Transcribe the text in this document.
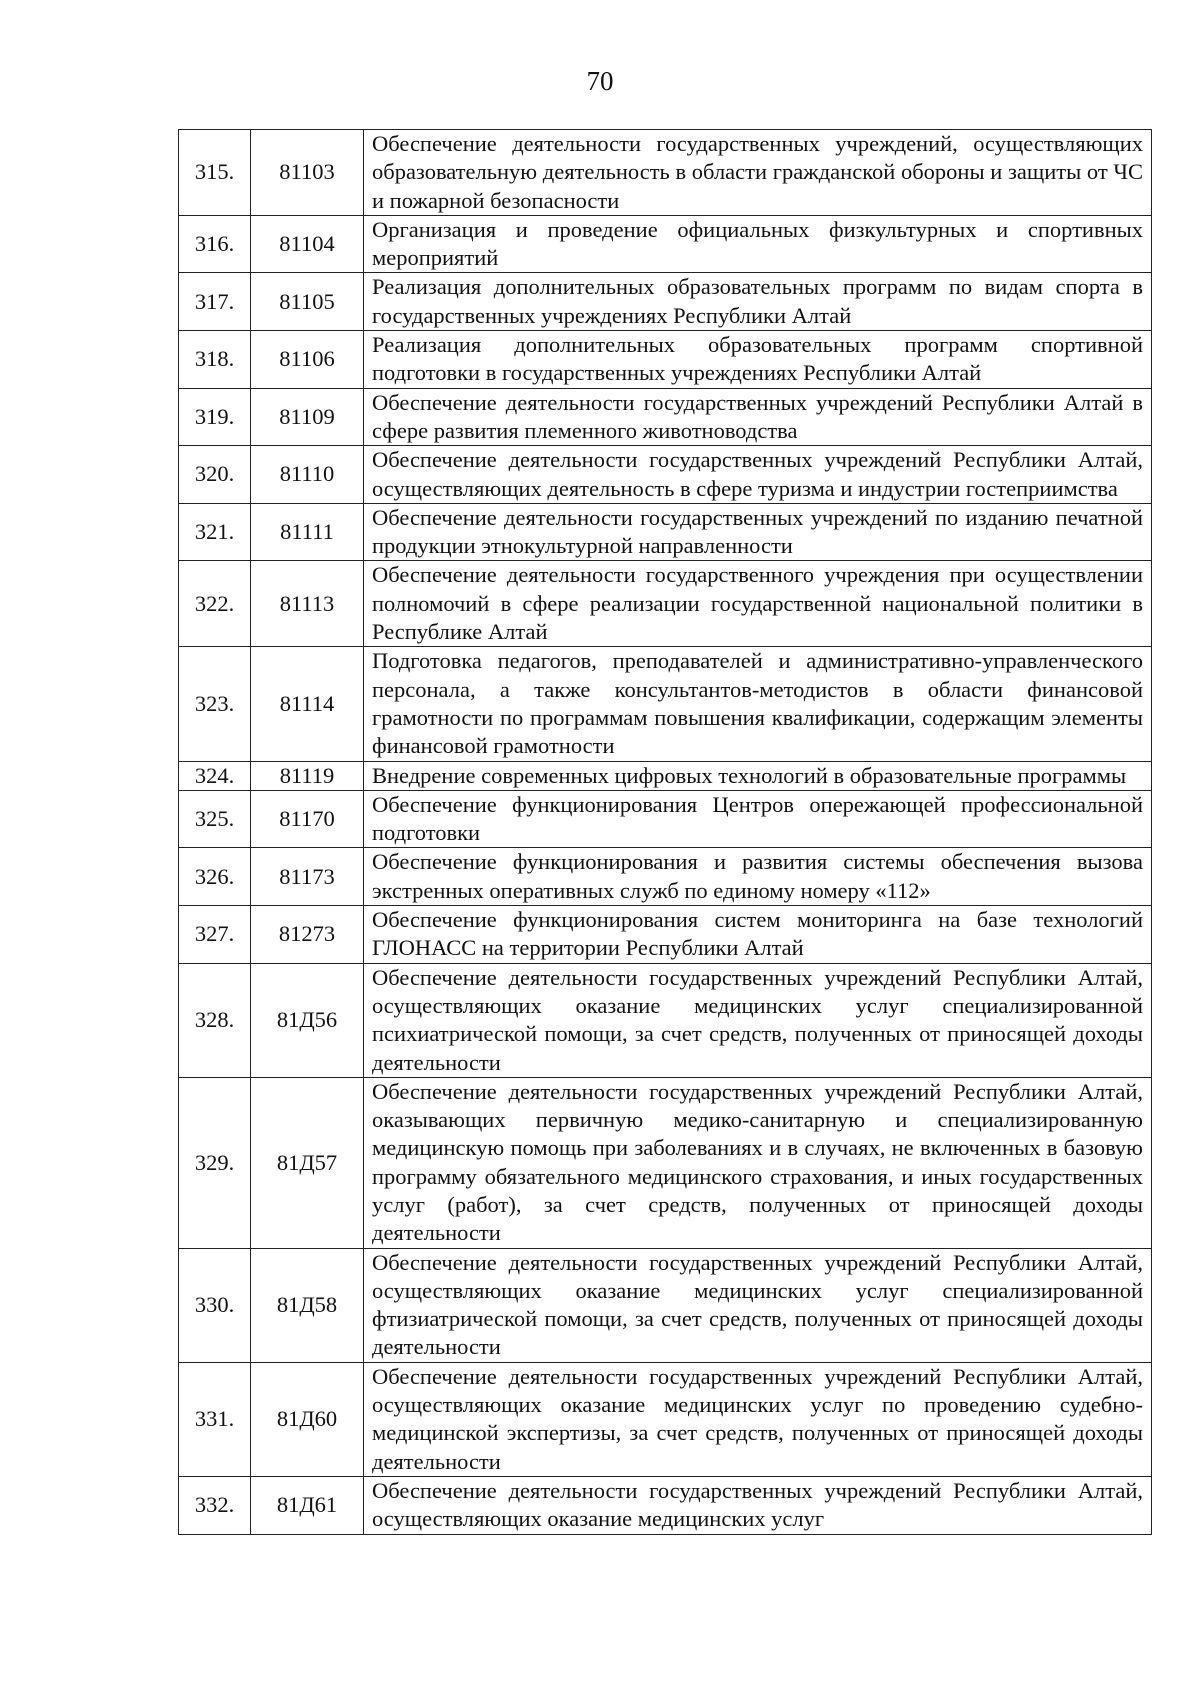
70
315.	81103	Обеспечение деятельности государственных учреждений, осуществляющих образовательную деятельность в области гражданской обороны и защиты от ЧС и пожарной безопасности
316.	81104	Организация и проведение официальных физкультурных и спортивных мероприятий
317.	81105	Реализация дополнительных образовательных программ по видам спорта в государственных учреждениях Республики Алтай
318.	81106	Реализация дополнительных образовательных программ спортивной подготовки в государственных учреждениях Республики Алтай
319.	81109	Обеспечение деятельности государственных учреждений Республики Алтай в сфере развития племенного животноводства
320.	81110	Обеспечение деятельности государственных учреждений Республики Алтай, осуществляющих деятельность в сфере туризма и индустрии гостеприимства
321.	81111	Обеспечение деятельности государственных учреждений по изданию печатной продукции этнокультурной направленности
322.	81113	Обеспечение деятельности государственного учреждения при осуществлении полномочий в сфере реализации государственной национальной политики в Республике Алтай
323.	81114	Подготовка педагогов, преподавателей и административно-управленческого персонала, а также консультантов-методистов в области финансовой грамотности по программам повышения квалификации, содержащим элементы финансовой грамотности
324.	81119	Внедрение современных цифровых технологий в образовательные программы
325.	81170	Обеспечение функционирования Центров опережающей профессиональной подготовки
326.	81173	Обеспечение функционирования и развития системы обеспечения вызова экстренных оперативных служб по единому номеру «112»
327.	81273	Обеспечение функционирования систем мониторинга на базе технологий ГЛОНАСС на территории Республики Алтай
328.	81Д56	Обеспечение деятельности государственных учреждений Республики Алтай, осуществляющих оказание медицинских услуг специализированной психиатрической помощи, за счет средств, полученных от приносящей доходы деятельности
329.	81Д57	Обеспечение деятельности государственных учреждений Республики Алтай, оказывающих первичную медико-санитарную и специализированную медицинскую помощь при заболеваниях и в случаях, не включенных в базовую программу обязательного медицинского страхования, и иных государственных услуг (работ), за счет средств, полученных от приносящей доходы деятельности
330.	81Д58	Обеспечение деятельности государственных учреждений Республики Алтай, осуществляющих оказание медицинских услуг специализированной фтизиатрической помощи, за счет средств, полученных от приносящей доходы деятельности
331.	81Д60	Обеспечение деятельности государственных учреждений Республики Алтай, осуществляющих оказание медицинских услуг по проведению судебно-медицинской экспертизы, за счет средств, полученных от приносящей доходы деятельности
332.	81Д61	Обеспечение деятельности государственных учреждений Республики Алтай, осуществляющих оказание медицинских услуг
